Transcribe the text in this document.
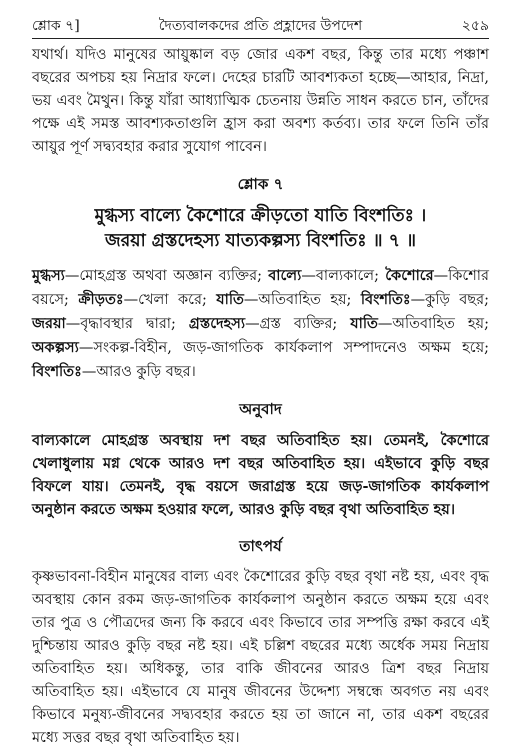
শ্লোক ৭]	দৈত্যবালকদের প্রতি প্রহ্লাদের উপদেশ	২৫৯

যথার্থ। যদিও মানুষের আয়ুষ্কাল বড় জোর একশ বছর, কিন্তু তার মধ্যে পঞ্চাশ বছরের অপচয় হয় নিদ্রার ফলে। দেহের চারটি আবশ্যকতা হচ্ছে—আহার, নিদ্রা, ভয় এবং মৈথুন। কিন্তু যাঁরা আধ্যাত্মিক চেতনায় উন্নতি সাধন করতে চান, তাঁদের পক্ষে এই সমস্ত আবশ্যকতাগুলি হ্রাস করা অবশ্য কর্তব্য। তার ফলে তিনি তাঁর আয়ুর পূর্ণ সদ্ব্যবহার করার সুযোগ পাবেন।

শ্লোক ৭
মুগ্ধস্য বাল্যে কৈশোরে ক্রীড়তো যাতি বিংশতিঃ ।
জরয়া গ্রস্তদেহস্য যাত্যকল্পস্য বিংশতিঃ ॥ ৭ ॥

মুগ্ধস্য—মোহগ্রস্ত অথবা অজ্ঞান ব্যক্তির; বাল্যে—বাল্যকালে; কৈশোরে—কিশোর বয়সে; ক্রীড়তঃ—খেলা করে; যাতি—অতিবাহিত হয়; বিংশতিঃ—কুড়ি বছর; জরয়া—বৃদ্ধাবস্থার দ্বারা; গ্রস্তদেহস্য—গ্রস্ত ব্যক্তির; যাতি—অতিবাহিত হয়; অকল্পস্য—সংকল্প-বিহীন, জড়-জাগতিক কার্যকলাপ সম্পাদনেও অক্ষম হয়ে; বিংশতিঃ—আরও কুড়ি বছর।

অনুবাদ

বাল্যকালে মোহগ্রস্ত অবস্থায় দশ বছর অতিবাহিত হয়। তেমনই, কৈশোরে খেলাধুলায় মগ্ন থেকে আরও দশ বছর অতিবাহিত হয়। এইভাবে কুড়ি বছর বিফলে যায়। তেমনই, বৃদ্ধ বয়সে জরাগ্রস্ত হয়ে জড়-জাগতিক কার্যকলাপ অনুষ্ঠান করতে অক্ষম হওয়ার ফলে, আরও কুড়ি বছর বৃথা অতিবাহিত হয়।

তাৎপর্য

কৃষ্ণভাবনা-বিহীন মানুষের বাল্য এবং কৈশোরের কুড়ি বছর বৃথা নষ্ট হয়, এবং বৃদ্ধ অবস্থায় কোন রকম জড়-জাগতিক কার্যকলাপ অনুষ্ঠান করতে অক্ষম হয়ে এবং তার পুত্র ও পৌত্রদের জন্য কি করবে এবং কিভাবে তার সম্পত্তি রক্ষা করবে এই দুশ্চিন্তায় আরও কুড়ি বছর নষ্ট হয়। এই চল্লিশ বছরের মধ্যে অর্ধেক সময় নিদ্রায় অতিবাহিত হয়। অধিকন্তু, তার বাকি জীবনের আরও ত্রিশ বছর নিদ্রায় অতিবাহিত হয়। এইভাবে যে মানুষ জীবনের উদ্দেশ্য সম্বন্ধে অবগত নয় এবং কিভাবে মনুষ্য-জীবনের সদ্ব্যবহার করতে হয় তা জানে না, তার একশ বছরের মধ্যে সত্তর বছর বৃথা অতিবাহিত হয়।
